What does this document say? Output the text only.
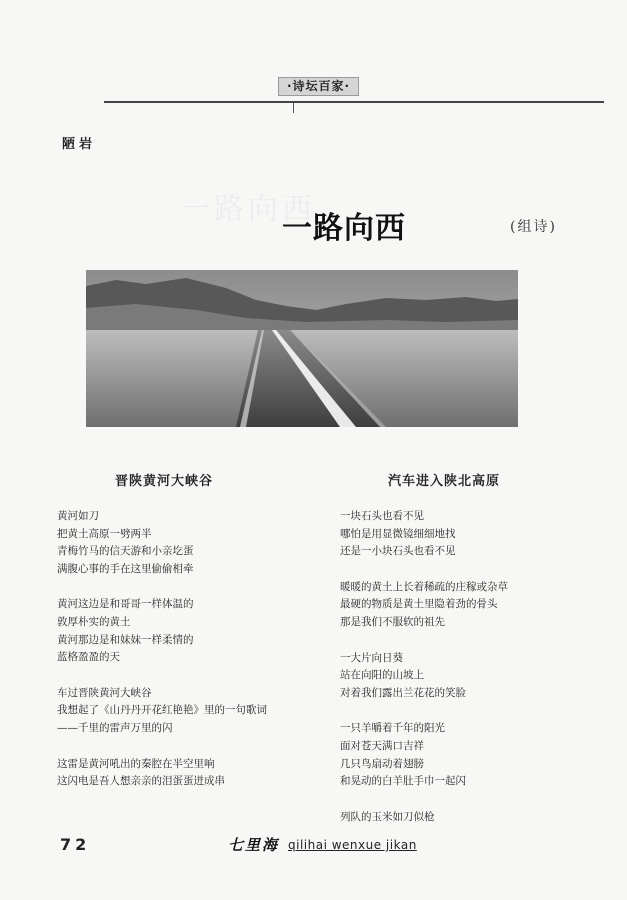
·诗坛百家·
陋岩
一路向西
一路向西	(组诗)
晋陕黄河大峡谷	汽车进入陕北高原
黄河如刀
把黄土高原一劈两半
青梅竹马的信天游和小亲圪蛋
满腹心事的手在这里偷偷相牵
黄河这边是和哥哥一样体温的
敦厚朴实的黄土
黄河那边是和妹妹一样柔情的
蓝格盈盈的天
车过晋陕黄河大峡谷
我想起了《山丹丹开花红艳艳》里的一句歌词
——千里的雷声万里的闪
这雷是黄河吼出的秦腔在半空里响
这闪电是吾人想亲亲的泪蛋蛋迸成串
一块石头也看不见
哪怕是用显微镜细细地找
还是一小块石头也看不见
暖暖的黄土上长着稀疏的庄稼或杂草
最硬的物质是黄土里隐着劲的骨头
那是我们不服软的祖先
一大片向日葵
站在向阳的山坡上
对着我们露出兰花花的笑脸
一只羊嚼着千年的阳光
面对苍天满口吉祥
几只鸟扇动着翅膀
和晃动的白羊肚手巾一起闪
列队的玉米如刀似枪
72	七里海 qilihai wenxue jikan
